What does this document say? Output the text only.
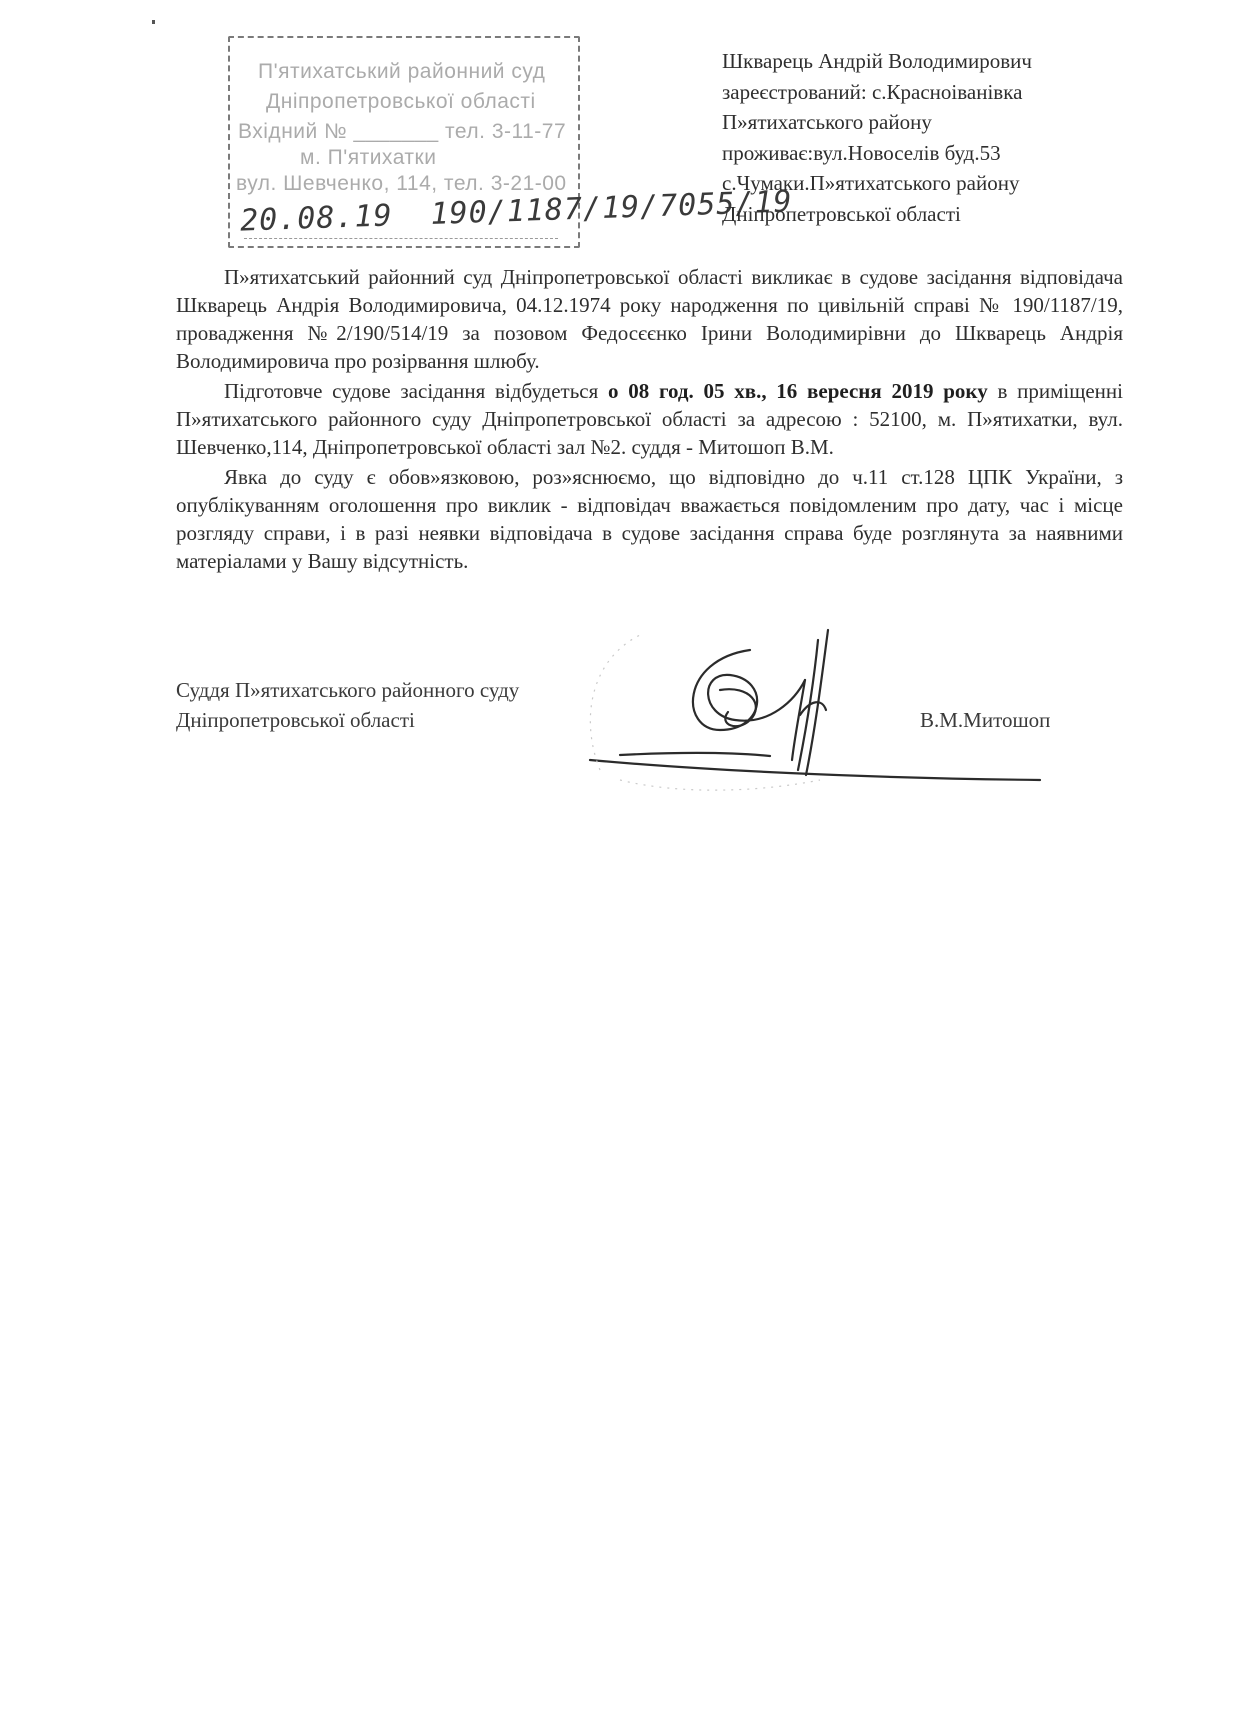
П'ятихатський районний суд
Дніпропетровської області
Вхідний № _______ тел. 3-11-77
м. П'ятихатки
вул. Шевченко, 114, тел. 3-21-00
20.08.19 190/1187/19/7055/19
Шкварець Андрій Володимирович
зареєстрований: с.Красноіванівка
П»ятихатського району
проживає:вул.Новоселів буд.53
с.Чумаки.П»ятихатського району
Дніпропетровської області

П»ятихатський районний суд Дніпропетровської області викликає в судове засідання відповідача Шкварець Андрія Володимировича, 04.12.1974 року народження по цивільній справі № 190/1187/19, провадження №2/190/514/19 за позовом Федосєєнко Ірини Володимирівни до Шкварець Андрія Володимировича про розірвання шлюбу.

Підготовче судове засідання відбудеться о 08 год. 05 хв., 16 вересня 2019 року в приміщенні П»ятихатського районного суду Дніпропетровської області за адресою : 52100, м. П»ятихатки, вул. Шевченко,114, Дніпропетровської області зал №2. суддя - Митошоп В.М.

Явка до суду є обов»язковою, роз»яснюємо, що відповідно до ч.11 ст.128 ЦПК України, з опублікуванням оголошення про виклик - відповідач вважається повідомленим про дату, час і місце розгляду справи, і в разі неявки відповідача в судове засідання справа буде розглянута за наявними матеріалами у Вашу відсутність.

Суддя П»ятихатського районного суду
Дніпропетровської області	В.М.Митошоп
